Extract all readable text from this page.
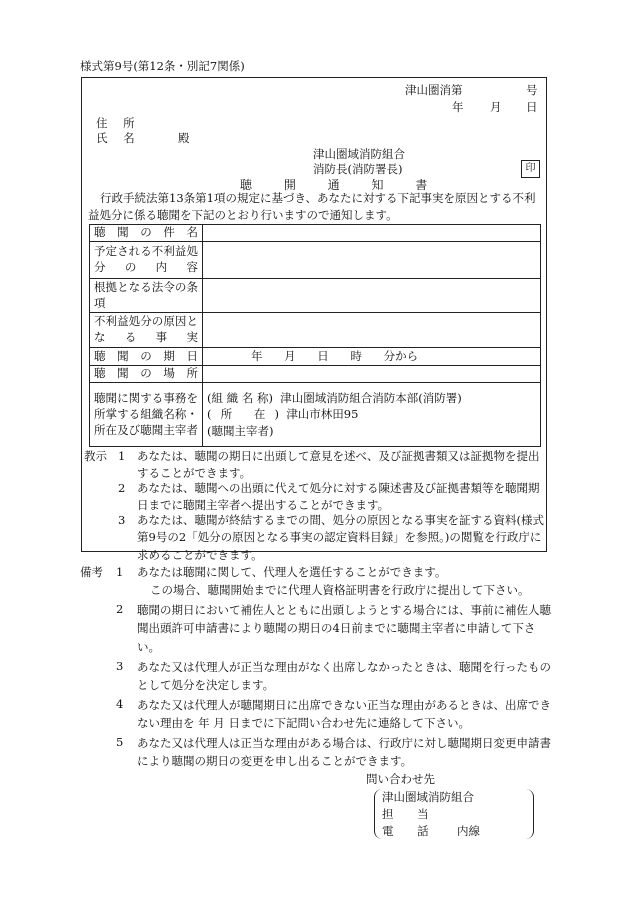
様式第9号(第12条・別記7関係)
津山圏消第	号
年 月 日
住 所
氏 名	殿
津山圏域消防組合
消防長(消防署長)	印
聴 開 通 知 書
行政手続法第13条第1項の規定に基づき、あなたに対する下記事実を原因とする不利益処分に係る聴聞を下記のとおり行いますので通知します。
聴 聞 の 件 名	
予定される不利益処分の内容	
根拠となる法令の条項	
不利益処分の原因となる事実	
聴 聞 の 期 日	年 月 日 時 分から
聴 聞 の 場 所	
聴聞に関する事務を所掌する組織名称・所在及び聴聞主宰者	(組 織 名 称) 津山圏域消防組合消防本部(消防署)
(所 在) 津山市林田95
(聴聞主宰者)
教示 1	あなたは、聴聞の期日に出頭して意見を述べ、及び証拠書類又は証拠物を提出することができます。
2	あなたは、聴聞への出頭に代えて処分に対する陳述書及び証拠書類等を聴聞期日までに聴聞主宰者へ提出することができます。
3	あなたは、聴聞が終結するまでの間、処分の原因となる事実を証する資料(様式第9号の2「処分の原因となる事実の認定資料目録」を参照。)の閲覧を行政庁に求めることができます。
備考 1 あなたは聴聞に関して、代理人を選任することができます。
この場合、聴聞開始までに代理人資格証明書を行政庁に提出して下さい。
2 聴聞の期日において補佐人とともに出頭しようとする場合には、事前に補佐人聴聞出頭許可申請書により聴聞の期日の4日前までに聴聞主宰者に申請して下さい。
3 あなた又は代理人が正当な理由がなく出席しなかったときは、聴聞を行ったものとして処分を決定します。
4 あなた又は代理人が聴聞期日に出席できない正当な理由があるときは、出席できない理由を 年 月 日までに下記問い合わせ先に連絡して下さい。
5 あなた又は代理人は正当な理由がある場合は、行政庁に対し聴聞期日変更申請書により聴聞の期日の変更を申し出ることができます。
問い合わせ先
津山圏域消防組合
担 当
電 話 内線
